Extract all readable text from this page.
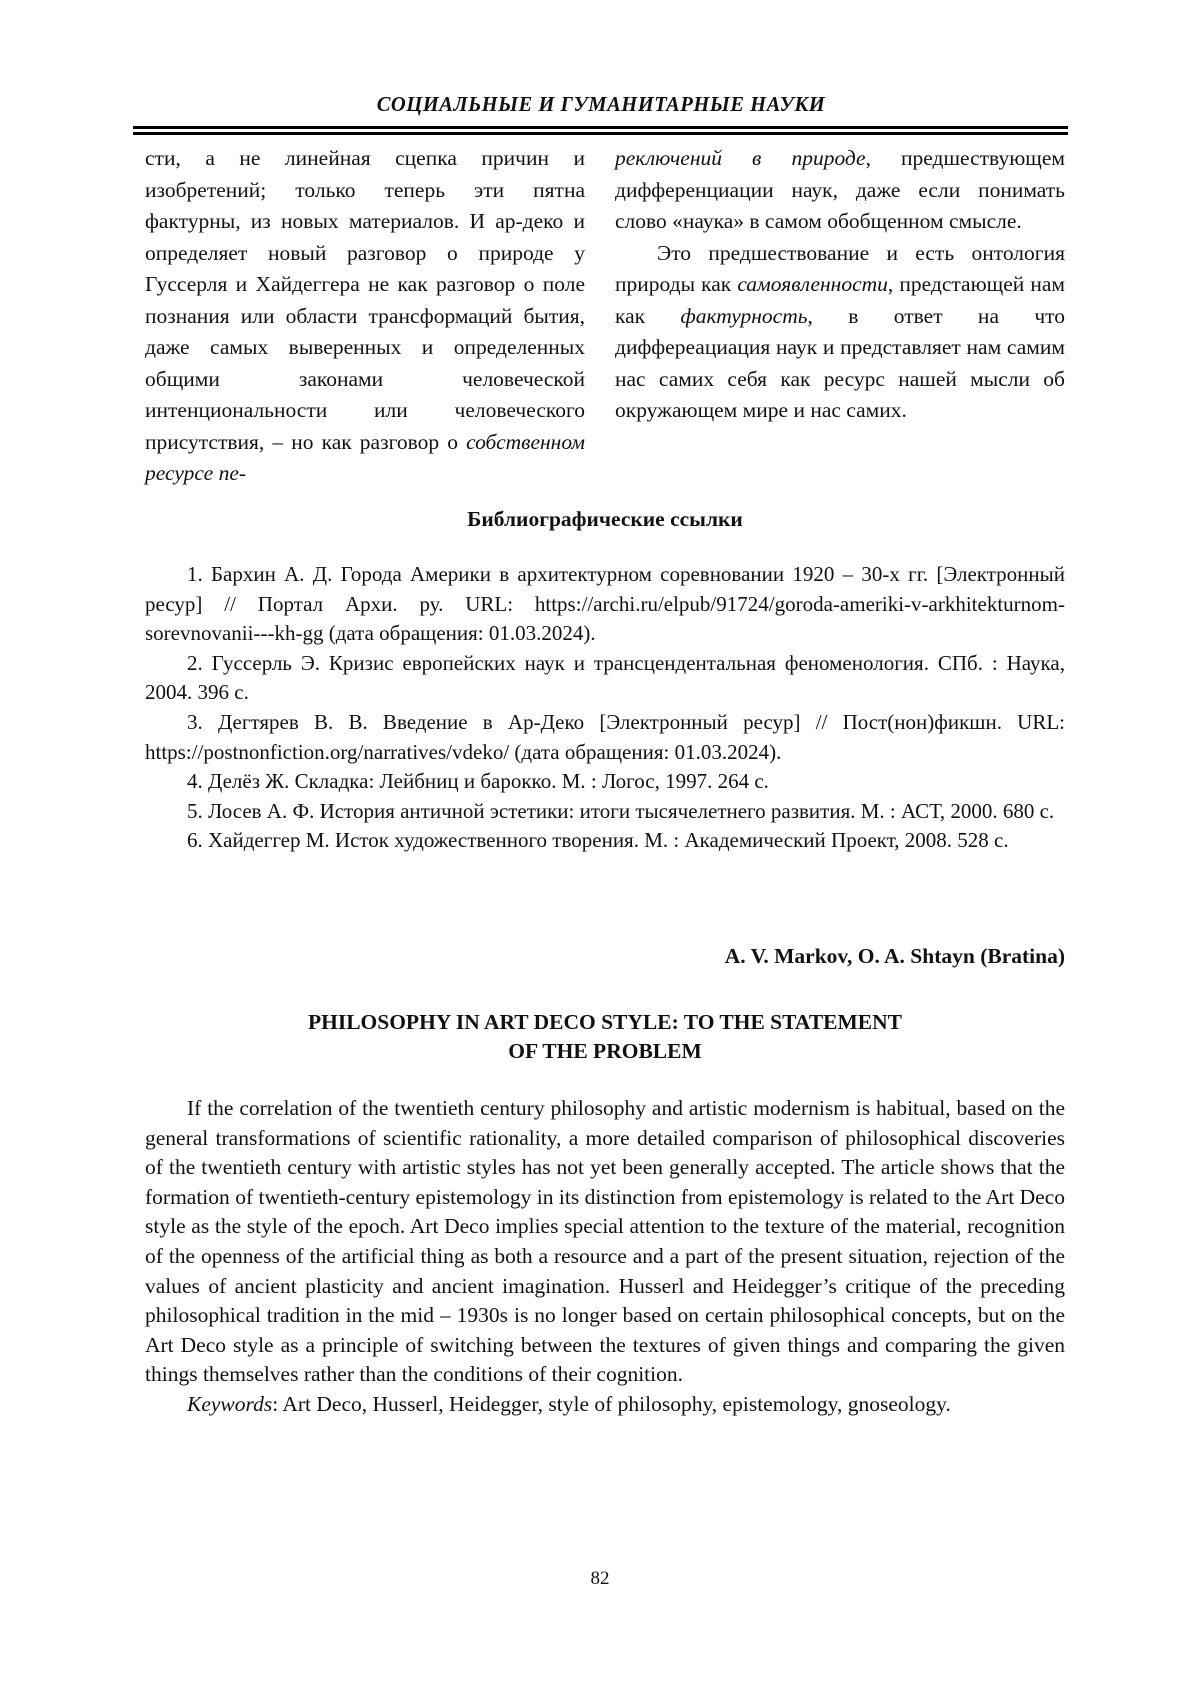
СОЦИАЛЬНЫЕ И ГУМАНИТАРНЫЕ НАУКИ

сти, а не линейная сцепка причин и изобретений; только теперь эти пятна фактурны, из новых материалов. И ар-деко и определяет новый разговор о природе у Гуссерля и Хайдеггера не как разговор о поле познания или области трансформаций бытия, даже самых выверенных и определенных общими законами человеческой интенциональности или человеческого присутствия, – но как разговор о собственном ресурсе пе-

реключений в природе, предшествующем дифференциации наук, даже если понимать слово «наука» в самом обобщенном смысле.

Это предшествование и есть онтология природы как самоявленности, предстающей нам как фактурность, в ответ на что диффереациация наук и представляет нам самим нас самих себя как ресурс нашей мысли об окружающем мире и нас самих.

Библиографические ссылки

1. Бархин А. Д. Города Америки в архитектурном соревновании 1920 – 30-х гг. [Электронный ресур] // Портал Архи. ру. URL: https://archi.ru/elpub/91724/goroda-ameriki-v-arkhitekturnom-sorevnovanii---kh-gg (дата обращения: 01.03.2024).

2. Гуссерль Э. Кризис европейских наук и трансцендентальная феноменология. СПб. : Наука, 2004. 396 с.

3. Дегтярев В. В. Введение в Ар-Деко [Электронный ресур] // Пост(нон)фикшн. URL: https://postnonfiction.org/narratives/vdeko/ (дата обращения: 01.03.2024).

4. Делёз Ж. Складка: Лейбниц и барокко. М. : Логос, 1997. 264 с.

5. Лосев А. Ф. История античной эстетики: итоги тысячелетнего развития. М. : АСТ, 2000. 680 с.

6. Хайдеггер М. Исток художественного творения. М. : Академический Проект, 2008. 528 с.

A. V. Markov, O. A. Shtayn (Bratina)
PHILOSOPHY IN ART DECO STYLE: TO THE STATEMENT
OF THE PROBLEM

If the correlation of the twentieth century philosophy and artistic modernism is habitual, based on the general transformations of scientific rationality, a more detailed comparison of philosophical discoveries of the twentieth century with artistic styles has not yet been generally accepted. The article shows that the formation of twentieth-century epistemology in its distinction from epistemology is related to the Art Deco style as the style of the epoch. Art Deco implies special attention to the texture of the material, recognition of the openness of the artificial thing as both a resource and a part of the present situation, rejection of the values of ancient plasticity and ancient imagination. Husserl and Heidegger’s critique of the preceding philosophical tradition in the mid – 1930s is no longer based on certain philosophical concepts, but on the Art Deco style as a principle of switching between the textures of given things and comparing the given things themselves rather than the conditions of their cognition.

Keywords: Art Deco, Husserl, Heidegger, style of philosophy, epistemology, gnoseology.

82
